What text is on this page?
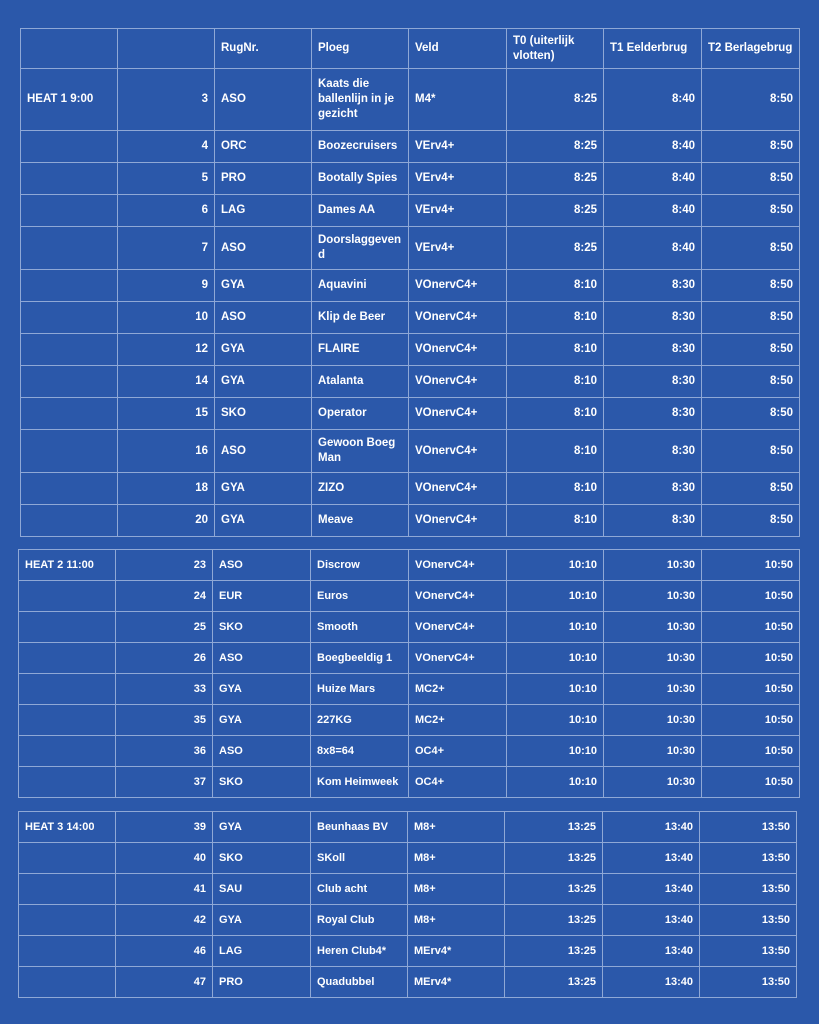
		RugNr.	Ploeg	Veld	T0 (uiterlijk vlotten)	T1 Eelderbrug	T2 Berlagebrug
HEAT 1 9:00	3	ASO	Kaats die ballenlijn in je gezicht	M4*	8:25	8:40	8:50
	4	ORC	Boozecruisers	VErv4+	8:25	8:40	8:50
	5	PRO	Bootally Spies	VErv4+	8:25	8:40	8:50
	6	LAG	Dames AA	VErv4+	8:25	8:40	8:50
	7	ASO	Doorslaggeven d	VErv4+	8:25	8:40	8:50
	9	GYA	Aquavini	VOnervC4+	8:10	8:30	8:50
	10	ASO	Klip de Beer	VOnervC4+	8:10	8:30	8:50
	12	GYA	FLAIRE	VOnervC4+	8:10	8:30	8:50
	14	GYA	Atalanta	VOnervC4+	8:10	8:30	8:50
	15	SKO	Operator	VOnervC4+	8:10	8:30	8:50
	16	ASO	Gewoon Boeg Man	VOnervC4+	8:10	8:30	8:50
	18	GYA	ZIZO	VOnervC4+	8:10	8:30	8:50
	20	GYA	Meave	VOnervC4+	8:10	8:30	8:50
HEAT 2 11:00	23	ASO	Discrow	VOnervC4+	10:10	10:30	10:50
	24	EUR	Euros	VOnervC4+	10:10	10:30	10:50
	25	SKO	Smooth	VOnervC4+	10:10	10:30	10:50
	26	ASO	Boegbeeldig 1	VOnervC4+	10:10	10:30	10:50
	33	GYA	Huize Mars	MC2+	10:10	10:30	10:50
	35	GYA	227KG	MC2+	10:10	10:30	10:50
	36	ASO	8x8=64	OC4+	10:10	10:30	10:50
	37	SKO	Kom Heimweek	OC4+	10:10	10:30	10:50
HEAT 3 14:00	39	GYA	Beunhaas BV	M8+	13:25	13:40	13:50
	40	SKO	SKoll	M8+	13:25	13:40	13:50
	41	SAU	Club acht	M8+	13:25	13:40	13:50
	42	GYA	Royal Club	M8+	13:25	13:40	13:50
	46	LAG	Heren Club4*	MErv4*	13:25	13:40	13:50
	47	PRO	Quadubbel	MErv4*	13:25	13:40	13:50
